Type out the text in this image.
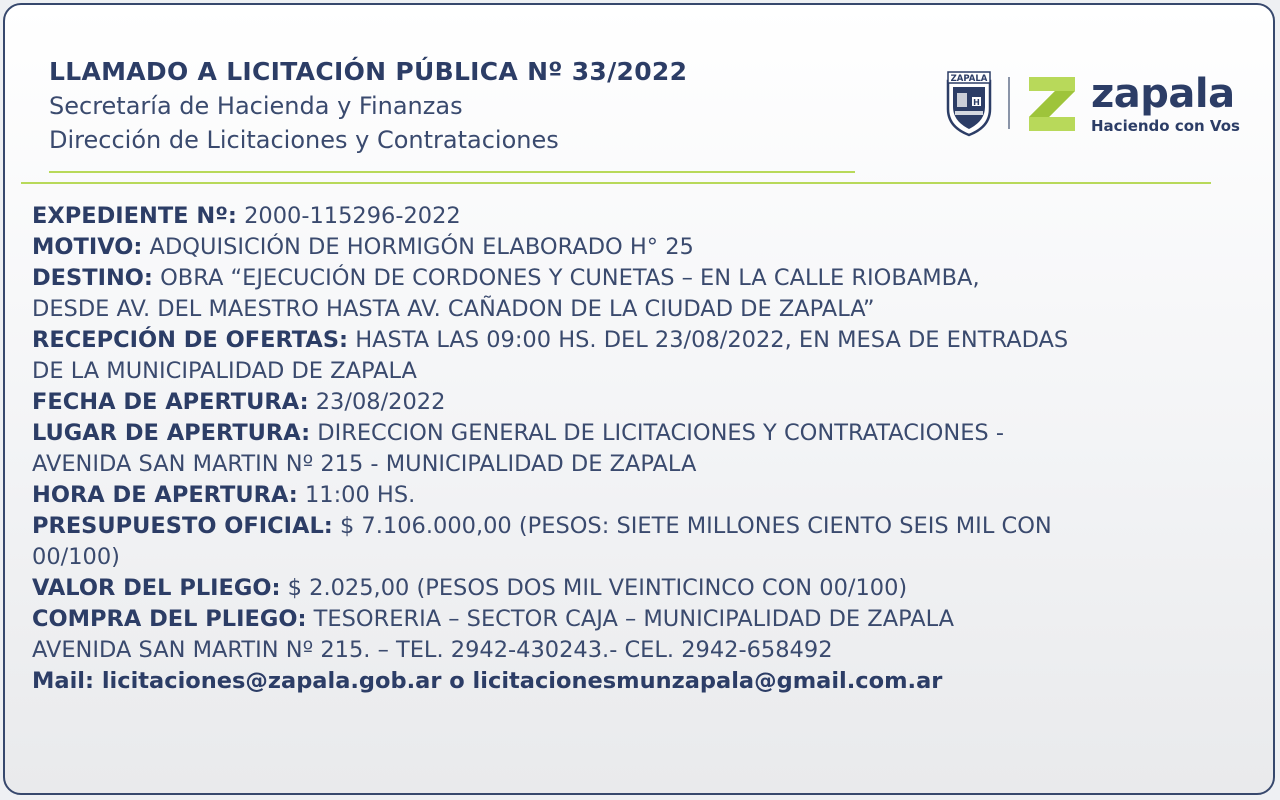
LLAMADO A LICITACIÓN PÚBLICA Nº 33/2022
Secretaría de Hacienda y Finanzas
Dirección de Licitaciones y Contrataciones
ZAPALA
H	zapala
Haciendo con Vos
EXPEDIENTE Nº: 2000-115296-2022
MOTIVO: ADQUISICIÓN DE HORMIGÓN ELABORADO H° 25
DESTINO: OBRA “EJECUCIÓN DE CORDONES Y CUNETAS – EN LA CALLE RIOBAMBA,
DESDE AV. DEL MAESTRO HASTA AV. CAÑADON DE LA CIUDAD DE ZAPALA”
RECEPCIÓN DE OFERTAS: HASTA LAS 09:00 HS. DEL 23/08/2022, EN MESA DE ENTRADAS
DE LA MUNICIPALIDAD DE ZAPALA
FECHA DE APERTURA: 23/08/2022
LUGAR DE APERTURA: DIRECCION GENERAL DE LICITACIONES Y CONTRATACIONES -
AVENIDA SAN MARTIN Nº 215 - MUNICIPALIDAD DE ZAPALA
HORA DE APERTURA: 11:00 HS.
PRESUPUESTO OFICIAL: $ 7.106.000,00 (PESOS: SIETE MILLONES CIENTO SEIS MIL CON
00/100)
VALOR DEL PLIEGO: $ 2.025,00 (PESOS DOS MIL VEINTICINCO CON 00/100)
COMPRA DEL PLIEGO: TESORERIA – SECTOR CAJA – MUNICIPALIDAD DE ZAPALA
AVENIDA SAN MARTIN Nº 215. – TEL. 2942-430243.- CEL. 2942-658492
Mail: licitaciones@zapala.gob.ar o licitacionesmunzapala@gmail.com.ar
